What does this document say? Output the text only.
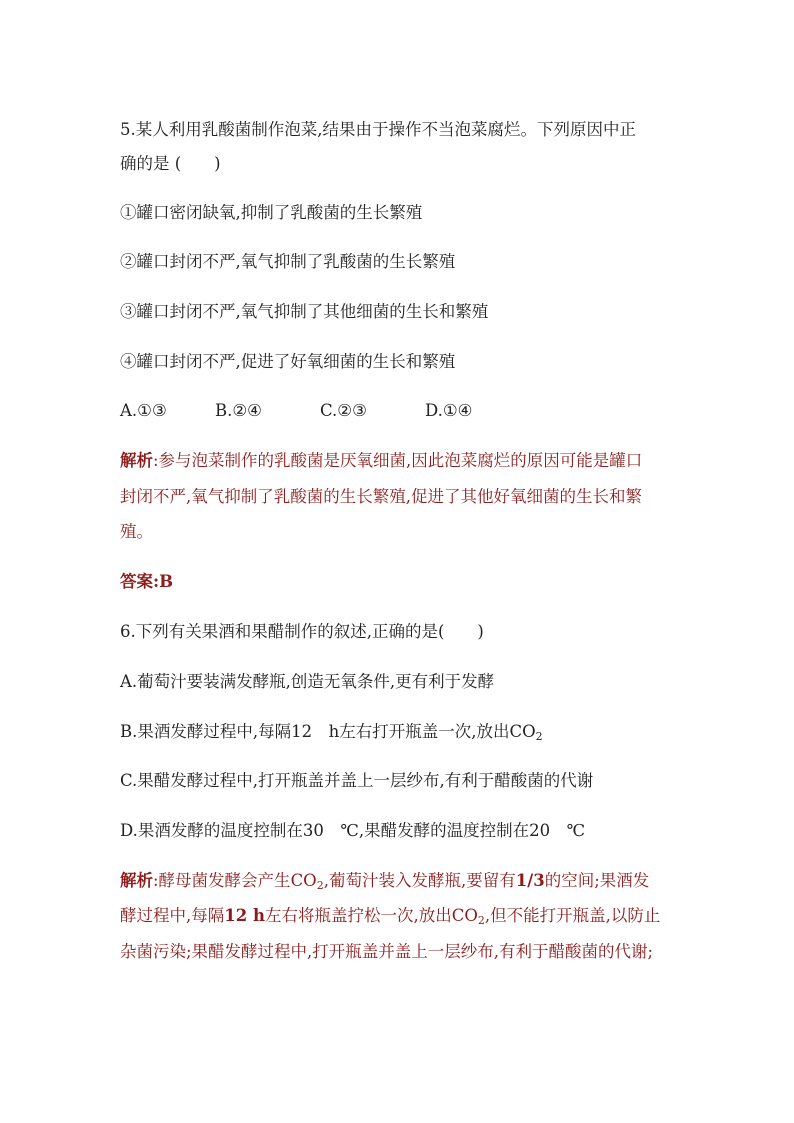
5.某人利用乳酸菌制作泡菜,结果由于操作不当泡菜腐烂。下列原因中正
确的是 (　　)
①罐口密闭缺氧,抑制了乳酸菌的生长繁殖
②罐口封闭不严,氧气抑制了乳酸菌的生长繁殖
③罐口封闭不严,氧气抑制了其他细菌的生长和繁殖
④罐口封闭不严,促进了好氧细菌的生长和繁殖
A.①③	B.②④	C.②③	D.①④
解析:参与泡菜制作的乳酸菌是厌氧细菌,因此泡菜腐烂的原因可能是罐口
封闭不严,氧气抑制了乳酸菌的生长繁殖,促进了其他好氧细菌的生长和繁
殖。
答案:B
6.下列有关果酒和果醋制作的叙述,正确的是(　　)
A.葡萄汁要装满发酵瓶,创造无氧条件,更有利于发酵
B.果酒发酵过程中,每隔12　h左右打开瓶盖一次,放出$CO_2$
C.果醋发酵过程中,打开瓶盖并盖上一层纱布,有利于醋酸菌的代谢
D.果酒发酵的温度控制在30　℃,果醋发酵的温度控制在20　℃
解析:酵母菌发酵会产生$CO_2$,葡萄汁装入发酵瓶,要留有1/3的空间;果酒发
酵过程中,每隔12 h左右将瓶盖拧松一次,放出$CO_2$,但不能打开瓶盖,以防止
杂菌污染;果醋发酵过程中,打开瓶盖并盖上一层纱布,有利于醋酸菌的代谢;
